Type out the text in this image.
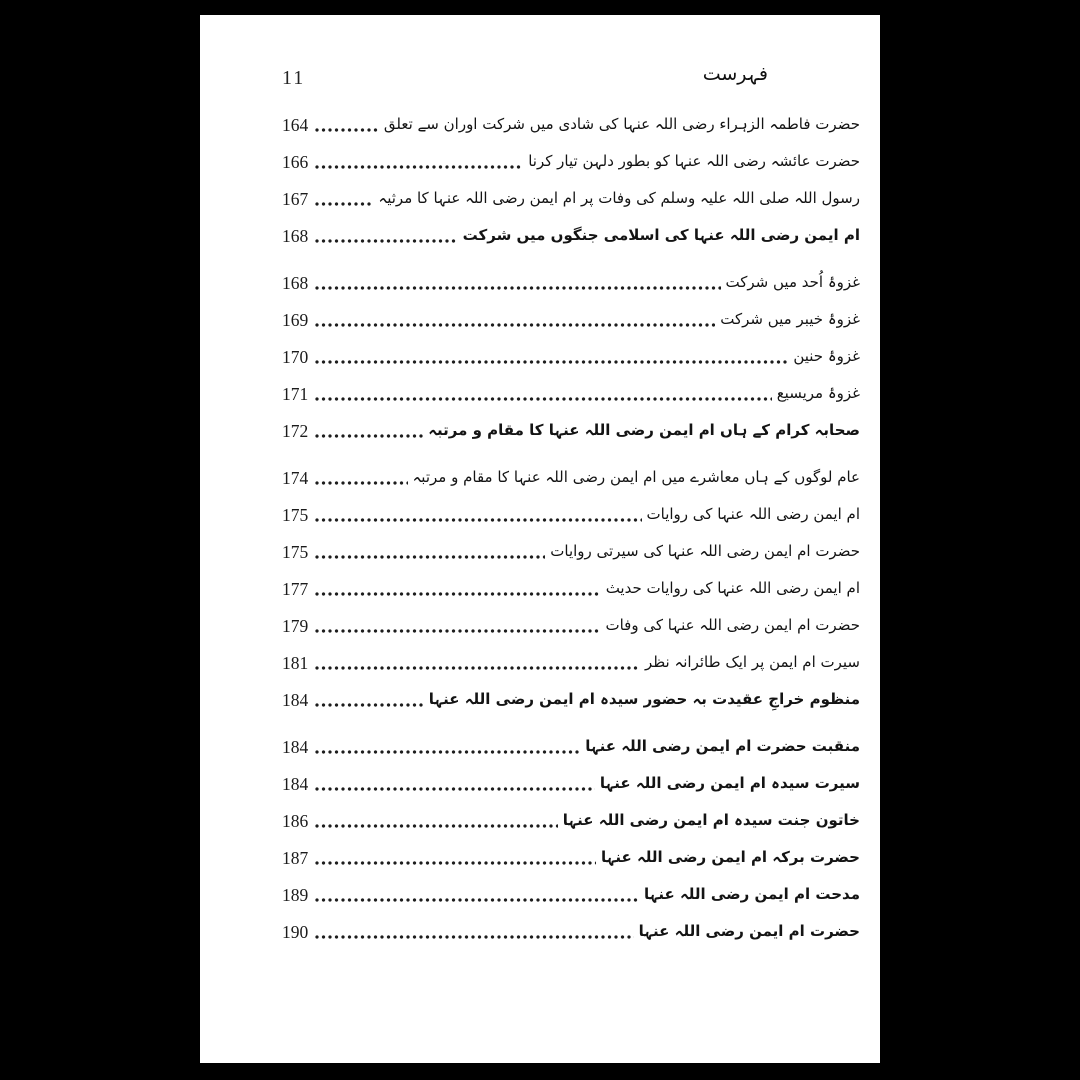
11	فہرست
حضرت فاطمہ الزہراء رضی اللہ عنہا کی شادی میں شرکت اوران سے تعلق
164
حضرت عائشہ رضی اللہ عنہا کو بطور دلہن تیار کرنا
166
رسول اللہ صلی اللہ علیہ وسلم کی وفات پر ام ایمن رضی اللہ عنہا کا مرثیہ
167
ام ایمن رضی اللہ عنہا کی اسلامی جنگوں میں شرکت
168
غزوۂ اُحد میں شرکت
168
غزوۂ خیبر میں شرکت
169
غزوۂ حنین
170
غزوۂ مریسیع
171
صحابہ کرام کے ہاں ام ایمن رضی اللہ عنہا کا مقام و مرتبہ
172
عام لوگوں کے ہاں معاشرے میں ام ایمن رضی اللہ عنہا کا مقام و مرتبہ
174
ام ایمن رضی اللہ عنہا کی روایات
175
حضرت ام ایمن رضی اللہ عنہا کی سیرتی روایات
175
ام ایمن رضی اللہ عنہا کی روایات حدیث
177
حضرت ام ایمن رضی اللہ عنہا کی وفات
179
سیرت ام ایمن پر ایک طائرانہ نظر
181
منظوم خراجِ عقیدت بہ حضور سیدہ ام ایمن رضی اللہ عنہا
184
منقبت حضرت ام ایمن رضی اللہ عنہا
184
سیرت سیدہ ام ایمن رضی اللہ عنہا
184
خاتون جنت سیدہ ام ایمن رضی اللہ عنہا
186
حضرت برکہ ام ایمن رضی اللہ عنہا
187
مدحت ام ایمن رضی اللہ عنہا
189
حضرت ام ایمن رضی اللہ عنہا
190
